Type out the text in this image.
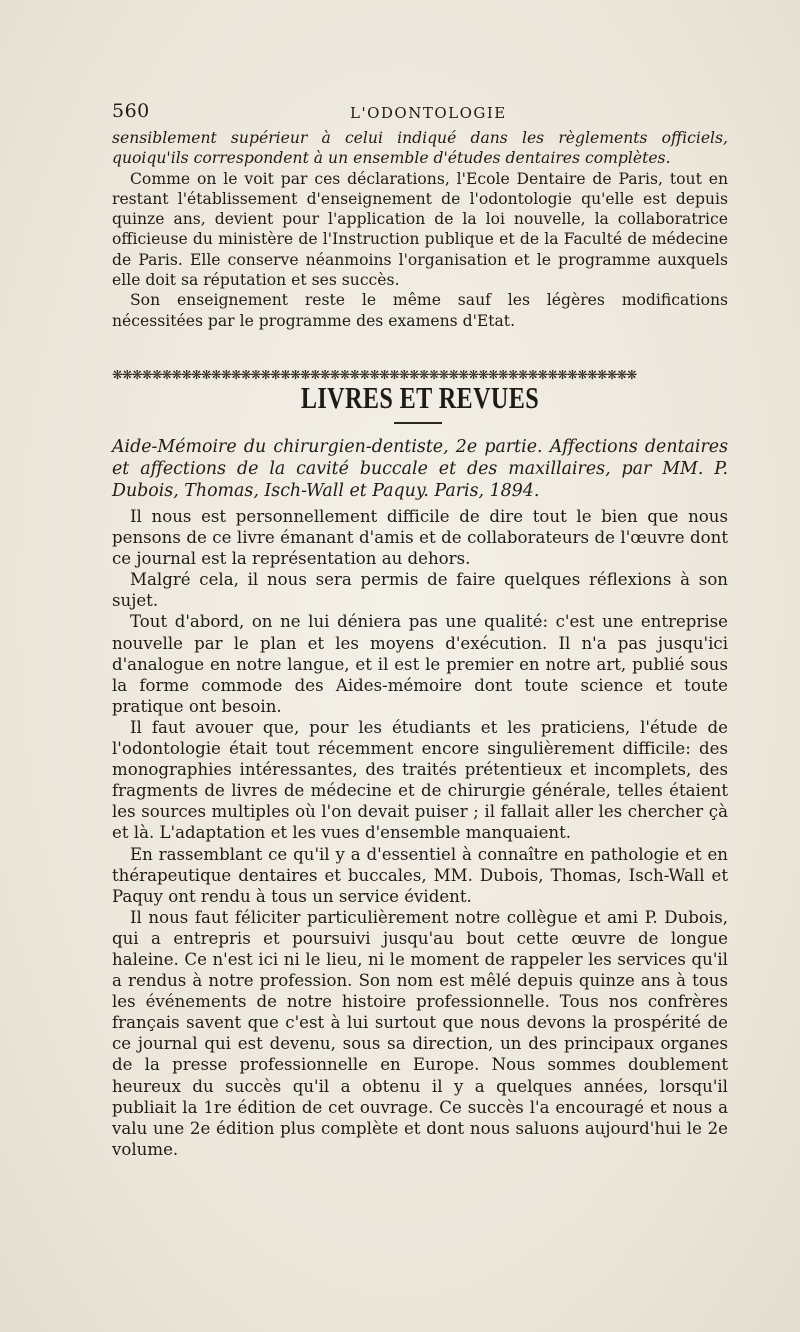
560	L'ODONTOLOGIE

sensiblement supérieur à celui indiqué dans les règlements officiels, quoiqu'ils correspondent à un ensemble d'études dentaires complètes.

Comme on le voit par ces déclarations, l'Ecole Dentaire de Paris, tout en restant l'établissement d'enseignement de l'odontologie qu'elle est depuis quinze ans, devient pour l'application de la loi nouvelle, la collaboratrice officieuse du ministère de l'Instruction publique et de la Faculté de médecine de Paris. Elle conserve néanmoins l'organisation et le programme auxquels elle doit sa réputation et ses succès.

Son enseignement reste le même sauf les légères modifications nécessitées par le programme des examens d'Etat.

❋❋❋❋❋❋❋❋❋❋❋❋❋❋❋❋❋❋❋❋❋❋❋❋❋❋❋❋❋❋❋❋❋❋❋❋❋❋❋❋❋❋❋❋❋❋❋❋❋❋❋❋❋
LIVRES ET REVUES
Aide-Mémoire du chirurgien-dentiste, 2e partie. Affections dentaires et affections de la cavité buccale et des maxillaires, par MM. P. Dubois, Thomas, Isch-Wall et Paquy. Paris, 1894.

Il nous est personnellement difficile de dire tout le bien que nous pensons de ce livre émanant d'amis et de collaborateurs de l'œuvre dont ce journal est la représentation au dehors.

Malgré cela, il nous sera permis de faire quelques réflexions à son sujet.

Tout d'abord, on ne lui déniera pas une qualité: c'est une entreprise nouvelle par le plan et les moyens d'exécution. Il n'a pas jusqu'ici d'analogue en notre langue, et il est le premier en notre art, publié sous la forme commode des Aides-mémoire dont toute science et toute pratique ont besoin.

Il faut avouer que, pour les étudiants et les praticiens, l'étude de l'odontologie était tout récemment encore singulièrement difficile: des monographies intéressantes, des traités prétentieux et incomplets, des fragments de livres de médecine et de chirurgie générale, telles étaient les sources multiples où l'on devait puiser ; il fallait aller les chercher çà et là. L'adaptation et les vues d'ensemble manquaient.

En rassemblant ce qu'il y a d'essentiel à connaître en pathologie et en thérapeutique dentaires et buccales, MM. Dubois, Thomas, Isch-Wall et Paquy ont rendu à tous un service évident.

Il nous faut féliciter particulièrement notre collègue et ami P. Dubois, qui a entrepris et poursuivi jusqu'au bout cette œuvre de longue haleine. Ce n'est ici ni le lieu, ni le moment de rappeler les services qu'il a rendus à notre profession. Son nom est mêlé depuis quinze ans à tous les événements de notre histoire professionnelle. Tous nos confrères français savent que c'est à lui surtout que nous devons la prospérité de ce journal qui est devenu, sous sa direction, un des principaux organes de la presse professionnelle en Europe. Nous sommes doublement heureux du succès qu'il a obtenu il y a quelques années, lorsqu'il publiait la 1re édition de cet ouvrage. Ce succès l'a encouragé et nous a valu une 2e édition plus complète et dont nous saluons aujourd'hui le 2e volume.
